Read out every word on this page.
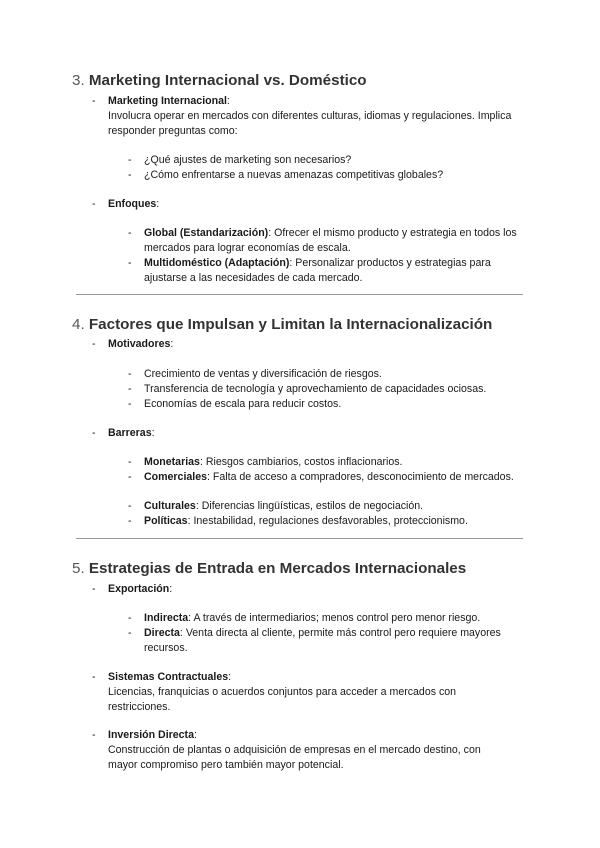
3. Marketing Internacional vs. Doméstico
- Marketing Internacional:
Involucra operar en mercados con diferentes culturas, idiomas y regulaciones. Implica responder preguntas como:
- ¿Qué ajustes de marketing son necesarios?
- ¿Cómo enfrentarse a nuevas amenazas competitivas globales?
- Enfoques:
- Global (Estandarización): Ofrecer el mismo producto y estrategia en todos los mercados para lograr economías de escala.
- Multidoméstico (Adaptación): Personalizar productos y estrategias para ajustarse a las necesidades de cada mercado.
4. Factores que Impulsan y Limitan la Internacionalización
- Motivadores:
- Crecimiento de ventas y diversificación de riesgos.
- Transferencia de tecnología y aprovechamiento de capacidades ociosas.
- Economías de escala para reducir costos.
- Barreras:
- Monetarias: Riesgos cambiarios, costos inflacionarios.
- Comerciales: Falta de acceso a compradores, desconocimiento de mercados.
- Culturales: Diferencias lingüísticas, estilos de negociación.
- Políticas: Inestabilidad, regulaciones desfavorables, proteccionismo.
5. Estrategias de Entrada en Mercados Internacionales
- Exportación:
- Indirecta: A través de intermediarios; menos control pero menor riesgo.
- Directa: Venta directa al cliente, permite más control pero requiere mayores recursos.
- Sistemas Contractuales:
Licencias, franquicias o acuerdos conjuntos para acceder a mercados con restricciones.
- Inversión Directa:
Construcción de plantas o adquisición de empresas en el mercado destino, con mayor compromiso pero también mayor potencial.
